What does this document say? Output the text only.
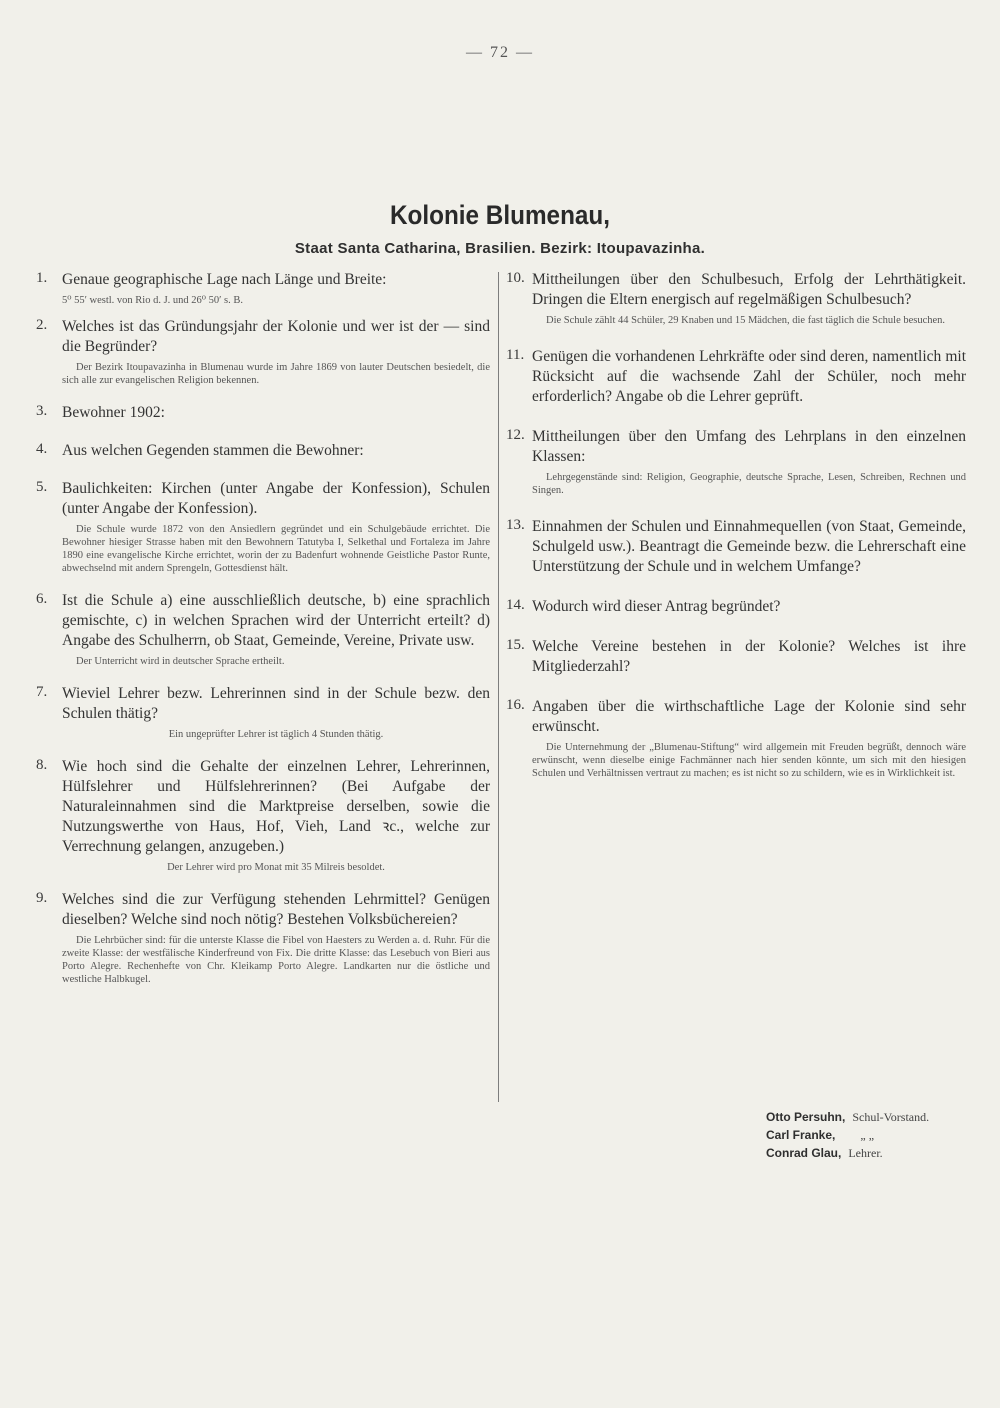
— 72 —
Kolonie Blumenau,
Staat Santa Catharina, Brasilien. Bezirk: Itoupavazinha.
1. Genaue geographische Lage nach Länge und Breite:
5⁰ 55′ westl. von Rio d. J. und 26⁰ 50′ s. B.
2. Welches ist das Gründungsjahr der Kolonie und wer ist der — sind die Begründer?
Der Bezirk Itoupavazinha in Blumenau wurde im Jahre 1869 von lauter Deutschen besiedelt, die sich alle zur evangelischen Religion bekennen.
3. Bewohner 1902:
4. Aus welchen Gegenden stammen die Bewohner:
5. Baulichkeiten: Kirchen (unter Angabe der Konfession), Schulen (unter Angabe der Konfession).
Die Schule wurde 1872 von den Ansiedlern gegründet und ein Schulgebäude errichtet. Die Bewohner hiesiger Strasse haben mit den Bewohnern Tatutyba I, Selkethal und Fortaleza im Jahre 1890 eine evangelische Kirche errichtet, worin der zu Badenfurt wohnende Geistliche Pastor Runte, abwechselnd mit andern Sprengeln, Gottesdienst hält.
6. Ist die Schule a) eine ausschließlich deutsche, b) eine sprachlich gemischte, c) in welchen Sprachen wird der Unterricht erteilt? d) Angabe des Schulherrn, ob Staat, Gemeinde, Vereine, Private usw.
Der Unterricht wird in deutscher Sprache ertheilt.
7. Wieviel Lehrer bezw. Lehrerinnen sind in der Schule bezw. den Schulen thätig?
Ein ungeprüfter Lehrer ist täglich 4 Stunden thätig.
8. Wie hoch sind die Gehalte der einzelnen Lehrer, Lehrerinnen, Hülfslehrer und Hülfslehrerinnen? (Bei Aufgabe der Naturaleinnahmen sind die Marktpreise derselben, sowie die Nutzungswerthe von Haus, Hof, Vieh, Land ꝛc., welche zur Verrechnung gelangen, anzugeben.)
Der Lehrer wird pro Monat mit 35 Milreis besoldet.
9. Welches sind die zur Verfügung stehenden Lehrmittel? Genügen dieselben? Welche sind noch nötig? Bestehen Volksbüchereien?
Die Lehrbücher sind: für die unterste Klasse die Fibel von Haesters zu Werden a. d. Ruhr. Für die zweite Klasse: der westfälische Kinderfreund von Fix. Die dritte Klasse: das Lesebuch von Bieri aus Porto Alegre. Rechenhefte von Chr. Kleikamp Porto Alegre. Landkarten nur die östliche und westliche Halbkugel.
10. Mittheilungen über den Schulbesuch, Erfolg der Lehrthätigkeit. Dringen die Eltern energisch auf regelmäßigen Schulbesuch?
Die Schule zählt 44 Schüler, 29 Knaben und 15 Mädchen, die fast täglich die Schule besuchen.
11. Genügen die vorhandenen Lehrkräfte oder sind deren, namentlich mit Rücksicht auf die wachsende Zahl der Schüler, noch mehr erforderlich? Angabe ob die Lehrer geprüft.
12. Mittheilungen über den Umfang des Lehrplans in den einzelnen Klassen:
Lehrgegenstände sind: Religion, Geographie, deutsche Sprache, Lesen, Schreiben, Rechnen und Singen.
13. Einnahmen der Schulen und Einnahmequellen (von Staat, Gemeinde, Schulgeld usw.). Beantragt die Gemeinde bezw. die Lehrerschaft eine Unterstützung der Schule und in welchem Umfange?
14. Wodurch wird dieser Antrag begründet?
15. Welche Vereine bestehen in der Kolonie? Welches ist ihre Mitgliederzahl?
16. Angaben über die wirthschaftliche Lage der Kolonie sind sehr erwünscht.
Die Unternehmung der „Blumenau-Stiftung“ wird allgemein mit Freuden begrüßt, dennoch wäre erwünscht, wenn dieselbe einige Fachmänner nach hier senden könnte, um sich mit den hiesigen Schulen und Verhältnissen vertraut zu machen; es ist nicht so zu schildern, wie es in Wirklichkeit ist.
Otto Persuhn, Schul-Vorstand.
Carl Franke, „ „
Conrad Glau, Lehrer.
